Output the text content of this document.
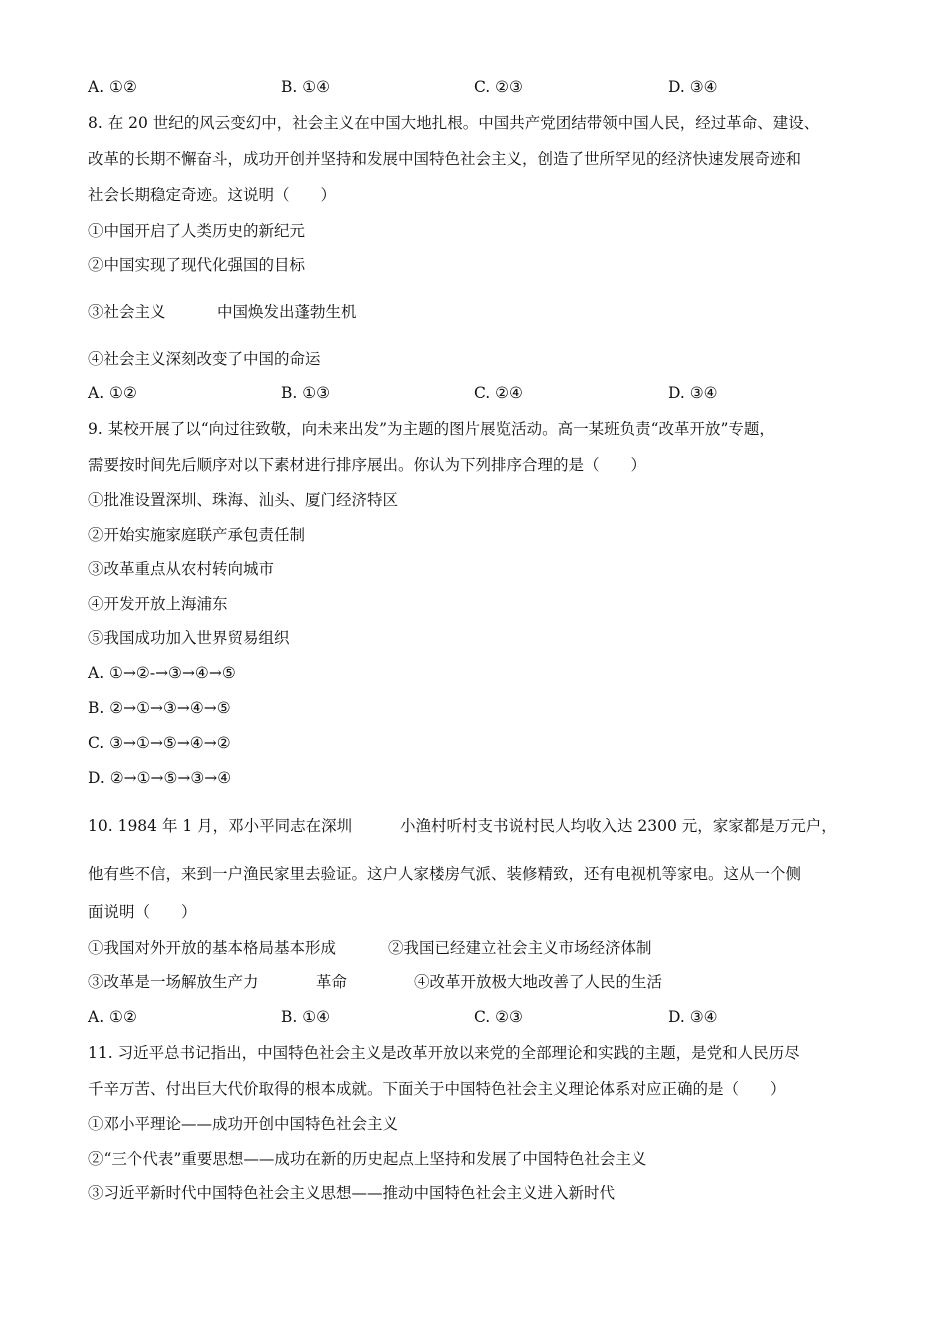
A. ①②	B. ①④	C. ②③	D. ③④
8. 在 20 世纪的风云变幻中，社会主义在中国大地扎根。中国共产党团结带领中国人民，经过革命、建设、
改革的长期不懈奋斗，成功开创并坚持和发展中国特色社会主义，创造了世所罕见的经济快速发展奇迹和
社会长期稳定奇迹。这说明（　　）
①中国开启了人类历史的新纪元
②中国实现了现代化强国的目标
③社会主义	中国焕发出蓬勃生机
④社会主义深刻改变了中国的命运
A. ①②	B. ①③	C. ②④	D. ③④
9. 某校开展了以“向过往致敬，向未来出发”为主题的图片展览活动。高一某班负责“改革开放”专题，
需要按时间先后顺序对以下素材进行排序展出。你认为下列排序合理的是（　　）
①批准设置深圳、珠海、汕头、厦门经济特区
②开始实施家庭联产承包责任制
③改革重点从农村转向城市
④开发开放上海浦东
⑤我国成功加入世界贸易组织
A. ①→②-→③→④→⑤
B. ②→①→③→④→⑤
C. ③→①→⑤→④→②
D. ②→①→⑤→③→④
10. 1984 年 1 月，邓小平同志在深圳	小渔村听村支书说村民人均收入达 2300 元，家家都是万元户，
他有些不信，来到一户渔民家里去验证。这户人家楼房气派、装修精致，还有电视机等家电。这从一个侧
面说明（　　）
①我国对外开放的基本格局基本形成	②我国已经建立社会主义市场经济体制
③改革是一场解放生产力	革命	④改革开放极大地改善了人民的生活
A. ①②	B. ①④	C. ②③	D. ③④
11. 习近平总书记指出，中国特色社会主义是改革开放以来党的全部理论和实践的主题，是党和人民历尽
千辛万苦、付出巨大代价取得的根本成就。下面关于中国特色社会主义理论体系对应正确的是（　　）
①邓小平理论——成功开创中国特色社会主义
②“三个代表”重要思想——成功在新的历史起点上坚持和发展了中国特色社会主义
③习近平新时代中国特色社会主义思想——推动中国特色社会主义进入新时代
